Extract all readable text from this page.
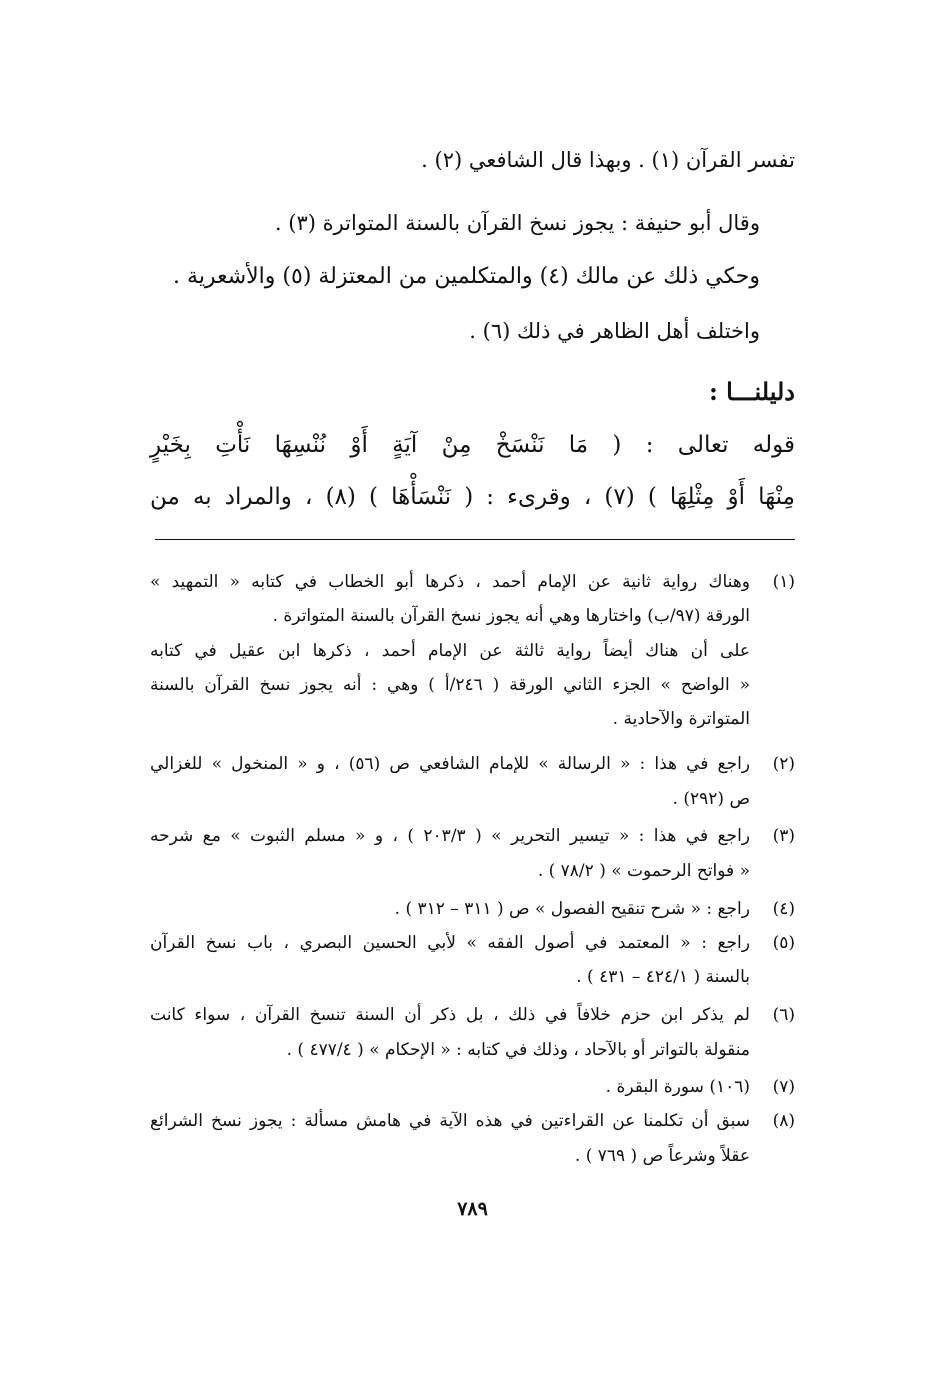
تفسر القرآن (١) . وبهذا قال الشافعي (٢) .
وقال أبو حنيفة : يجوز نسخ القرآن بالسنة المتواترة (٣) .
وحكي ذلك عن مالك (٤) والمتكلمين من المعتزلة (٥) والأشعرية .
واختلف أهل الظاهر في ذلك (٦) .
دليلنـــا :
قوله تعالى : ( مَا نَنْسَخْ مِنْ آيَةٍ أَوْ نُنْسِهَا نَأْتِ بِخَيْرٍ
مِنْهَا أَوْ مِثْلِهَا ) (٧) ، وقرىء : ( نَنْسَأْهَا ) (٨) ، والمراد به من
(١)
وهناك رواية ثانية عن الإمام أحمد ، ذكرها أبو الخطاب في كتابه « التمهيد »
الورقة (٩٧/ب) واختارها وهي أنه يجوز نسخ القرآن بالسنة المتواترة .
على أن هناك أيضاً رواية ثالثة عن الإمام أحمد ، ذكرها ابن عقيل في كتابه
« الواضح » الجزء الثاني الورقة ( ٢٤٦/أ ) وهي : أنه يجوز نسخ القرآن بالسنة
المتواترة والآحادية .
(٢)
راجع في هذا : « الرسالة » للإمام الشافعي ص (٥٦) ، و « المنخول » للغزالي
ص (٢٩٢) .
(٣)
راجع في هذا : « تيسير التحرير » ( ٢٠٣/٣ ) ، و « مسلم الثبوت » مع شرحه
« فواتح الرحموت » ( ٧٨/٢ ) .
(٤)
راجع : « شرح تنقيح الفصول » ص ( ٣١١ – ٣١٢ ) .
(٥)
راجع : « المعتمد في أصول الفقه » لأبي الحسين البصري ، باب نسخ القرآن
بالسنة ( ٤٢٤/١ – ٤٣١ ) .
(٦)
لم يذكر ابن حزم خلافاً في ذلك ، بل ذكر أن السنة تنسخ القرآن ، سواء كانت
منقولة بالتواتر أو بالآحاد ، وذلك في كتابه : « الإحكام » ( ٤٧٧/٤ ) .
(٧)
(١٠٦) سورة البقرة .
(٨)
سبق أن تكلمنا عن القراءتين في هذه الآية في هامش مسألة : يجوز نسخ الشرائع
عقلاً وشرعاً ص ( ٧٦٩ ) .
٧٨٩
